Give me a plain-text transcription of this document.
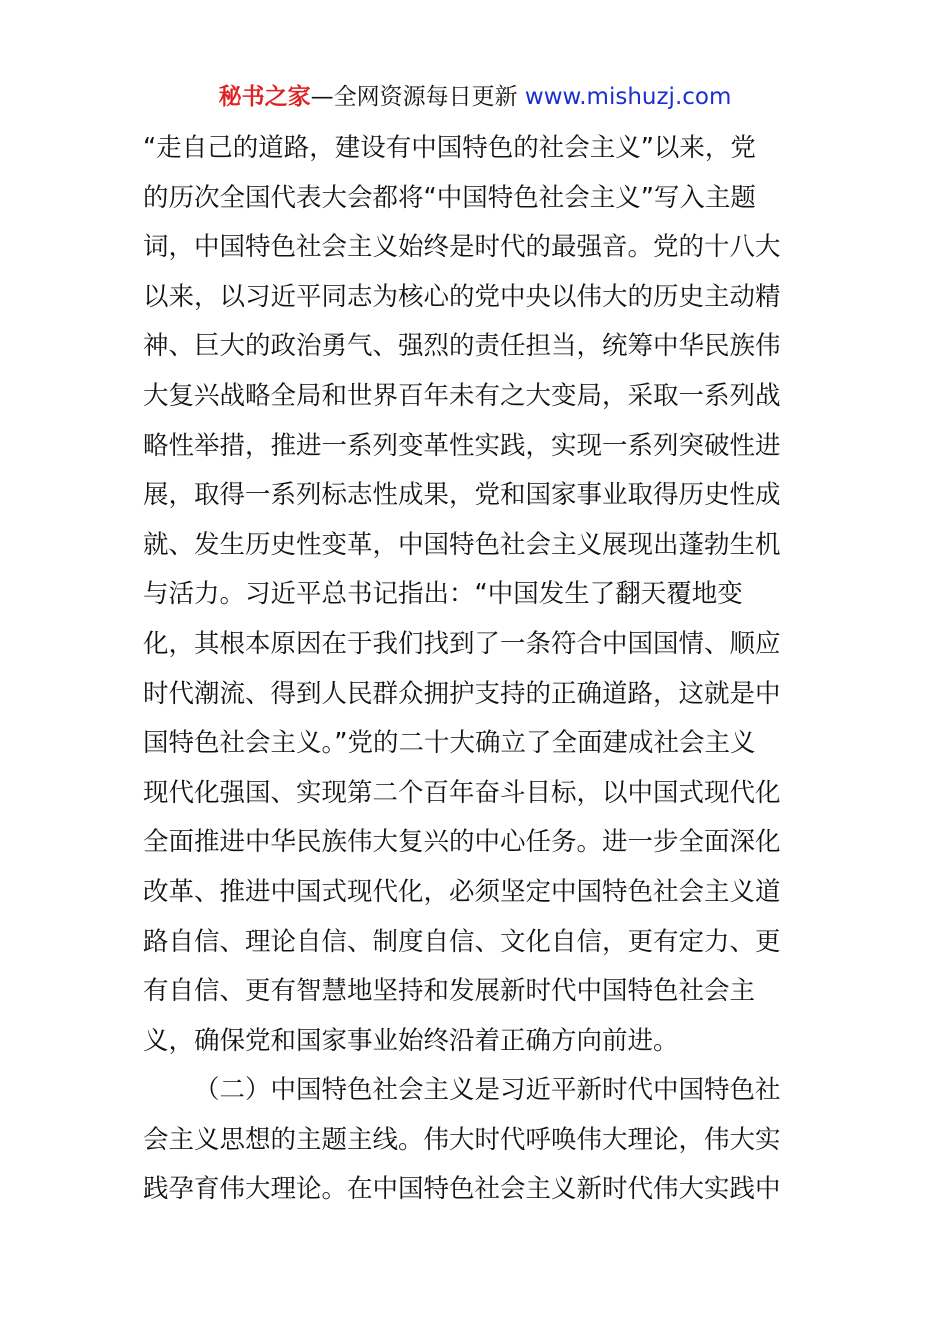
秘书之家—全网资源每日更新 www.mishuzj.com
“走自己的道路，建设有中国特色的社会主义”以来，党
的历次全国代表大会都将“中国特色社会主义”写入主题
词，中国特色社会主义始终是时代的最强音。党的十八大
以来，以习近平同志为核心的党中央以伟大的历史主动精
神、巨大的政治勇气、强烈的责任担当，统筹中华民族伟
大复兴战略全局和世界百年未有之大变局，采取一系列战
略性举措，推进一系列变革性实践，实现一系列突破性进
展，取得一系列标志性成果，党和国家事业取得历史性成
就、发生历史性变革，中国特色社会主义展现出蓬勃生机
与活力。习近平总书记指出：“中国发生了翻天覆地变
化，其根本原因在于我们找到了一条符合中国国情、顺应
时代潮流、得到人民群众拥护支持的正确道路，这就是中
国特色社会主义。”党的二十大确立了全面建成社会主义
现代化强国、实现第二个百年奋斗目标，以中国式现代化
全面推进中华民族伟大复兴的中心任务。进一步全面深化
改革、推进中国式现代化，必须坚定中国特色社会主义道
路自信、理论自信、制度自信、文化自信，更有定力、更
有自信、更有智慧地坚持和发展新时代中国特色社会主
义，确保党和国家事业始终沿着正确方向前进。
（二）中国特色社会主义是习近平新时代中国特色社
会主义思想的主题主线。伟大时代呼唤伟大理论，伟大实
践孕育伟大理论。在中国特色社会主义新时代伟大实践中
